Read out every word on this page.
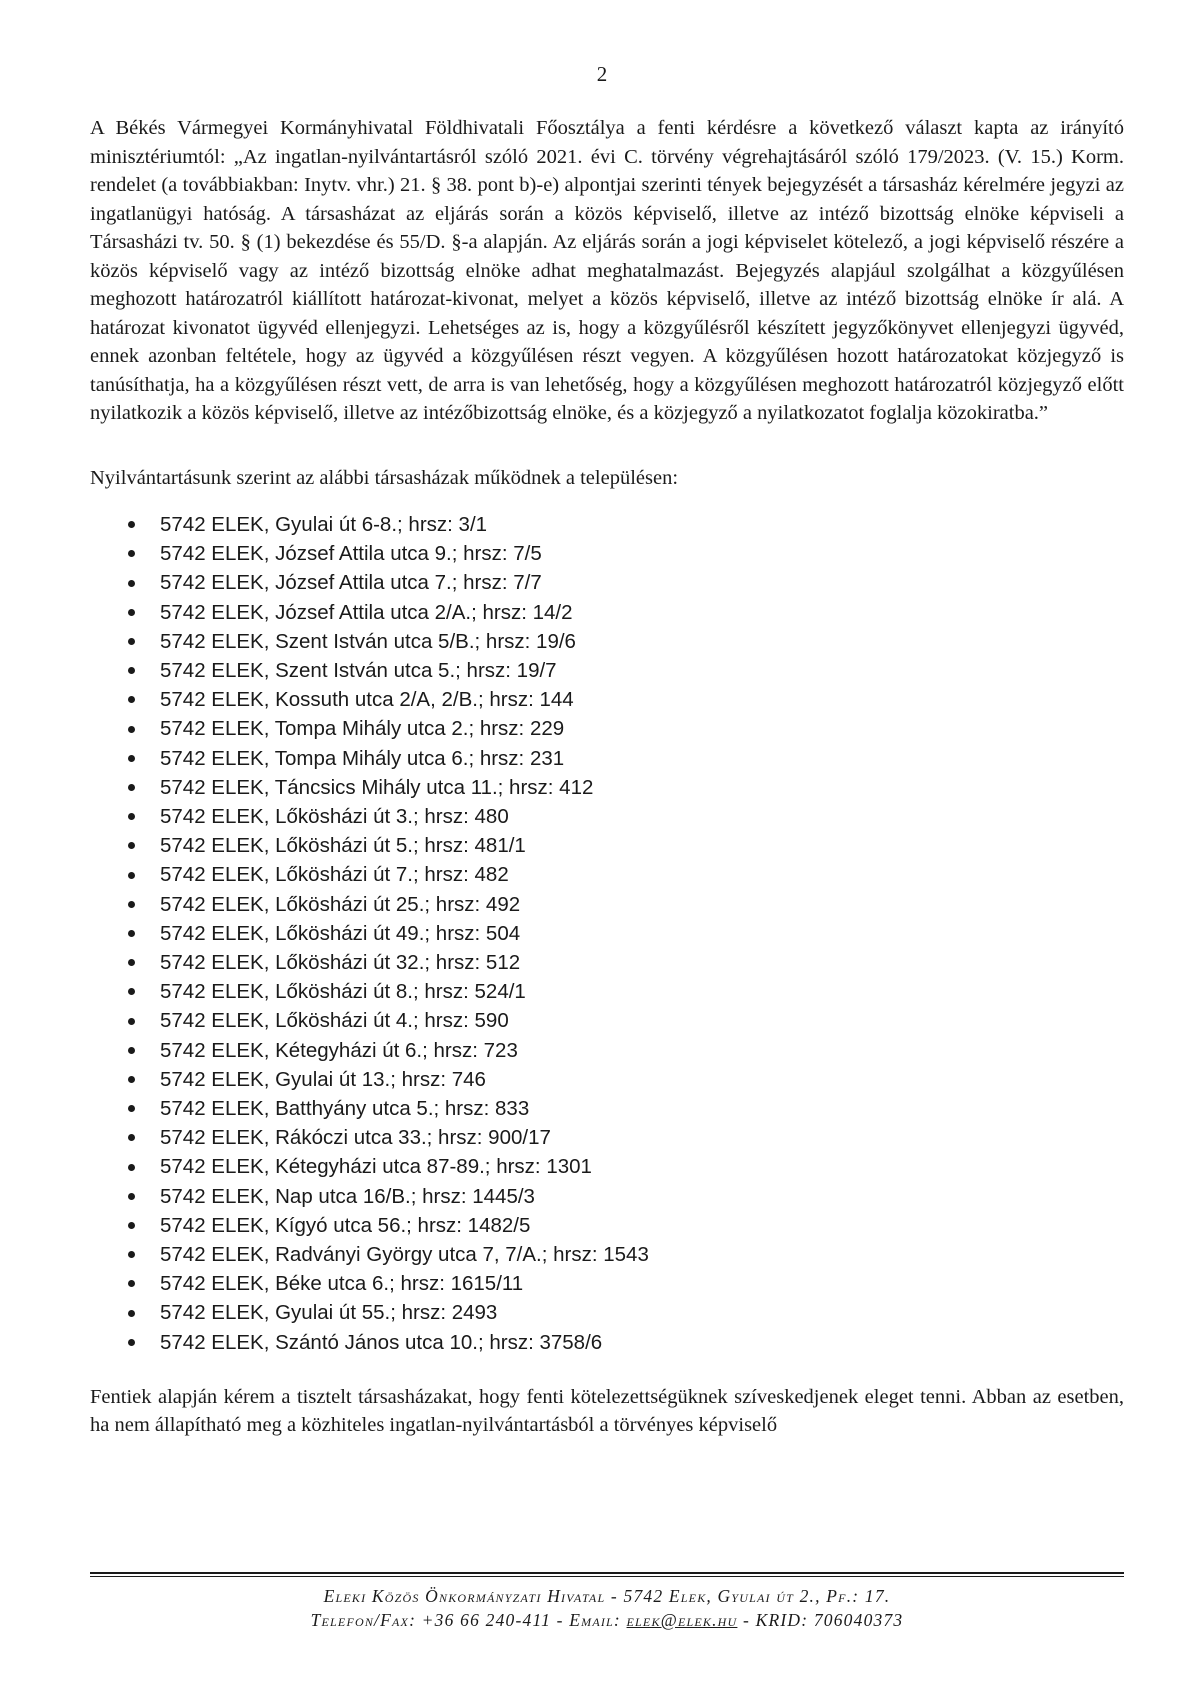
2

A Békés Vármegyei Kormányhivatal Földhivatali Főosztálya a fenti kérdésre a következő választ kapta az irányító minisztériumtól: „Az ingatlan-nyilvántartásról szóló 2021. évi C. törvény végrehajtásáról szóló 179/2023. (V. 15.) Korm. rendelet (a továbbiakban: Inytv. vhr.) 21. § 38. pont b)-e) alpontjai szerinti tények bejegyzését a társasház kérelmére jegyzi az ingatlanügyi hatóság. A társasházat az eljárás során a közös képviselő, illetve az intéző bizottság elnöke képviseli a Társasházi tv. 50. § (1) bekezdése és 55/D. §-a alapján. Az eljárás során a jogi képviselet kötelező, a jogi képviselő részére a közös képviselő vagy az intéző bizottság elnöke adhat meghatalmazást. Bejegyzés alapjául szolgálhat a közgyűlésen meghozott határozatról kiállított határozat-kivonat, melyet a közös képviselő, illetve az intéző bizottság elnöke ír alá. A határozat kivonatot ügyvéd ellenjegyzi. Lehetséges az is, hogy a közgyűlésről készített jegyzőkönyvet ellenjegyzi ügyvéd, ennek azonban feltétele, hogy az ügyvéd a közgyűlésen részt vegyen. A közgyűlésen hozott határozatokat közjegyző is tanúsíthatja, ha a közgyűlésen részt vett, de arra is van lehetőség, hogy a közgyűlésen meghozott határozatról közjegyző előtt nyilatkozik a közös képviselő, illetve az intézőbizottság elnöke, és a közjegyző a nyilatkozatot foglalja közokiratba.”

Nyilvántartásunk szerint az alábbi társasházak működnek a településen:

5742 ELEK, Gyulai út 6-8.; hrsz: 3/1
5742 ELEK, József Attila utca 9.; hrsz: 7/5
5742 ELEK, József Attila utca 7.; hrsz: 7/7
5742 ELEK, József Attila utca 2/A.; hrsz: 14/2
5742 ELEK, Szent István utca 5/B.; hrsz: 19/6
5742 ELEK, Szent István utca 5.; hrsz: 19/7
5742 ELEK, Kossuth utca 2/A, 2/B.; hrsz: 144
5742 ELEK, Tompa Mihály utca 2.; hrsz: 229
5742 ELEK, Tompa Mihály utca 6.; hrsz: 231
5742 ELEK, Táncsics Mihály utca 11.; hrsz: 412
5742 ELEK, Lőkösházi út 3.; hrsz: 480
5742 ELEK, Lőkösházi út 5.; hrsz: 481/1
5742 ELEK, Lőkösházi út 7.; hrsz: 482
5742 ELEK, Lőkösházi út 25.; hrsz: 492
5742 ELEK, Lőkösházi út 49.; hrsz: 504
5742 ELEK, Lőkösházi út 32.; hrsz: 512
5742 ELEK, Lőkösházi út 8.; hrsz: 524/1
5742 ELEK, Lőkösházi út 4.; hrsz: 590
5742 ELEK, Kétegyházi út 6.; hrsz: 723
5742 ELEK, Gyulai út 13.; hrsz: 746
5742 ELEK, Batthyány utca 5.; hrsz: 833
5742 ELEK, Rákóczi utca 33.; hrsz: 900/17
5742 ELEK, Kétegyházi utca 87-89.; hrsz: 1301
5742 ELEK, Nap utca 16/B.; hrsz: 1445/3
5742 ELEK, Kígyó utca 56.; hrsz: 1482/5
5742 ELEK, Radványi György utca 7, 7/A.; hrsz: 1543
5742 ELEK, Béke utca 6.; hrsz: 1615/11
5742 ELEK, Gyulai út 55.; hrsz: 2493
5742 ELEK, Szántó János utca 10.; hrsz: 3758/6

Fentiek alapján kérem a tisztelt társasházakat, hogy fenti kötelezettségüknek szíveskedjenek eleget tenni. Abban az esetben, ha nem állapítható meg a közhiteles ingatlan-nyilvántartásból a törvényes képviselő

Eleki Közös Önkormányzati Hivatal - 5742 Elek, Gyulai út 2., Pf.: 17.
Telefon/Fax: +36 66 240-411 - Email: elek@elek.hu - KRID: 706040373
